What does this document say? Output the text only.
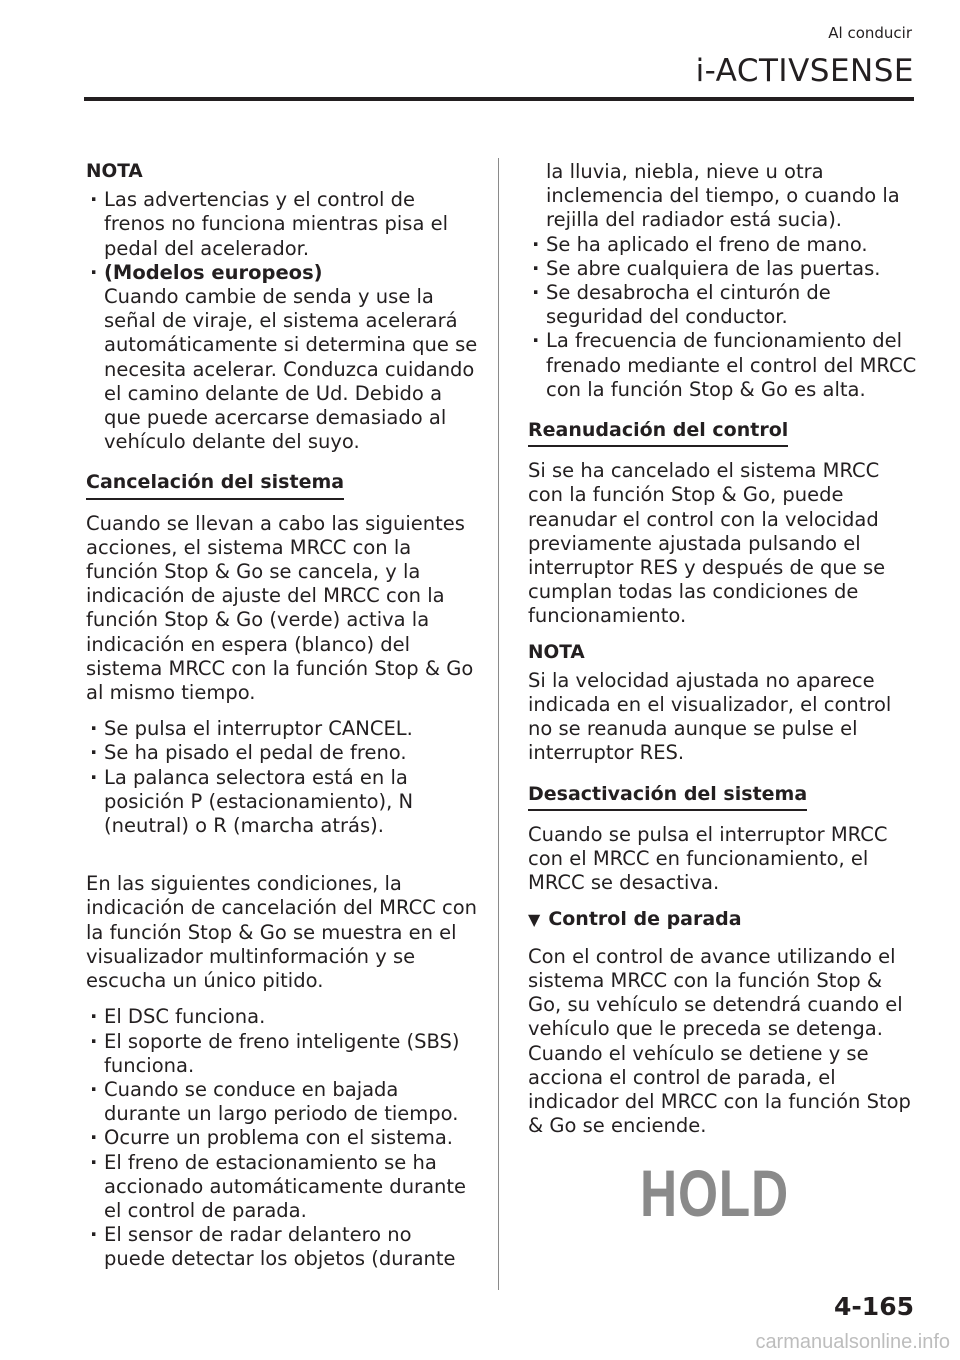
Al conducir
i-ACTIVSENSE

NOTA

· Las advertencias y el control de frenos no funciona mientras pisa el pedal del acelerador.
· (Modelos europeos)

Cuando cambie de senda y use la señal de viraje, el sistema acelerará automáticamente si determina que se necesita acelerar. Conduzca cuidando el camino delante de Ud. Debido a que puede acercarse demasiado al vehículo delante del suyo.

Cancelación del sistema

Cuando se llevan a cabo las siguientes acciones, el sistema MRCC con la función Stop & Go se cancela, y la indicación de ajuste del MRCC con la función Stop & Go (verde) activa la indicación en espera (blanco) del sistema MRCC con la función Stop & Go al mismo tiempo.

· Se pulsa el interruptor CANCEL.
· Se ha pisado el pedal de freno.
· La palanca selectora está en la posición P (estacionamiento), N (neutral) o R (marcha atrás).

En las siguientes condiciones, la indicación de cancelación del MRCC con la función Stop & Go se muestra en el visualizador multinformación y se escucha un único pitido.

· El DSC funciona.
· El soporte de freno inteligente (SBS) funciona.
· Cuando se conduce en bajada durante un largo periodo de tiempo.
· Ocurre un problema con el sistema.
· El freno de estacionamiento se ha accionado automáticamente durante el control de parada.
· El sensor de radar delantero no puede detectar los objetos (durante

la lluvia, niebla, nieve u otra inclemencia del tiempo, o cuando la rejilla del radiador está sucia).

· Se ha aplicado el freno de mano.
· Se abre cualquiera de las puertas.
· Se desabrocha el cinturón de seguridad del conductor.
· La frecuencia de funcionamiento del frenado mediante el control del MRCC con la función Stop & Go es alta.
Reanudación del control

Si se ha cancelado el sistema MRCC con la función Stop & Go, puede reanudar el control con la velocidad previamente ajustada pulsando el interruptor RES y después de que se cumplan todas las condiciones de funcionamiento.

NOTA

Si la velocidad ajustada no aparece indicada en el visualizador, el control no se reanuda aunque se pulse el interruptor RES.

Desactivación del sistema

Cuando se pulsa el interruptor MRCC con el MRCC en funcionamiento, el MRCC se desactiva.

▼ Control de parada

Con el control de avance utilizando el sistema MRCC con la función Stop & Go, su vehículo se detendrá cuando el vehículo que le preceda se detenga. Cuando el vehículo se detiene y se acciona el control de parada, el indicador del MRCC con la función Stop & Go se enciende.

HOLD
4-165
carmanualsonline.info
